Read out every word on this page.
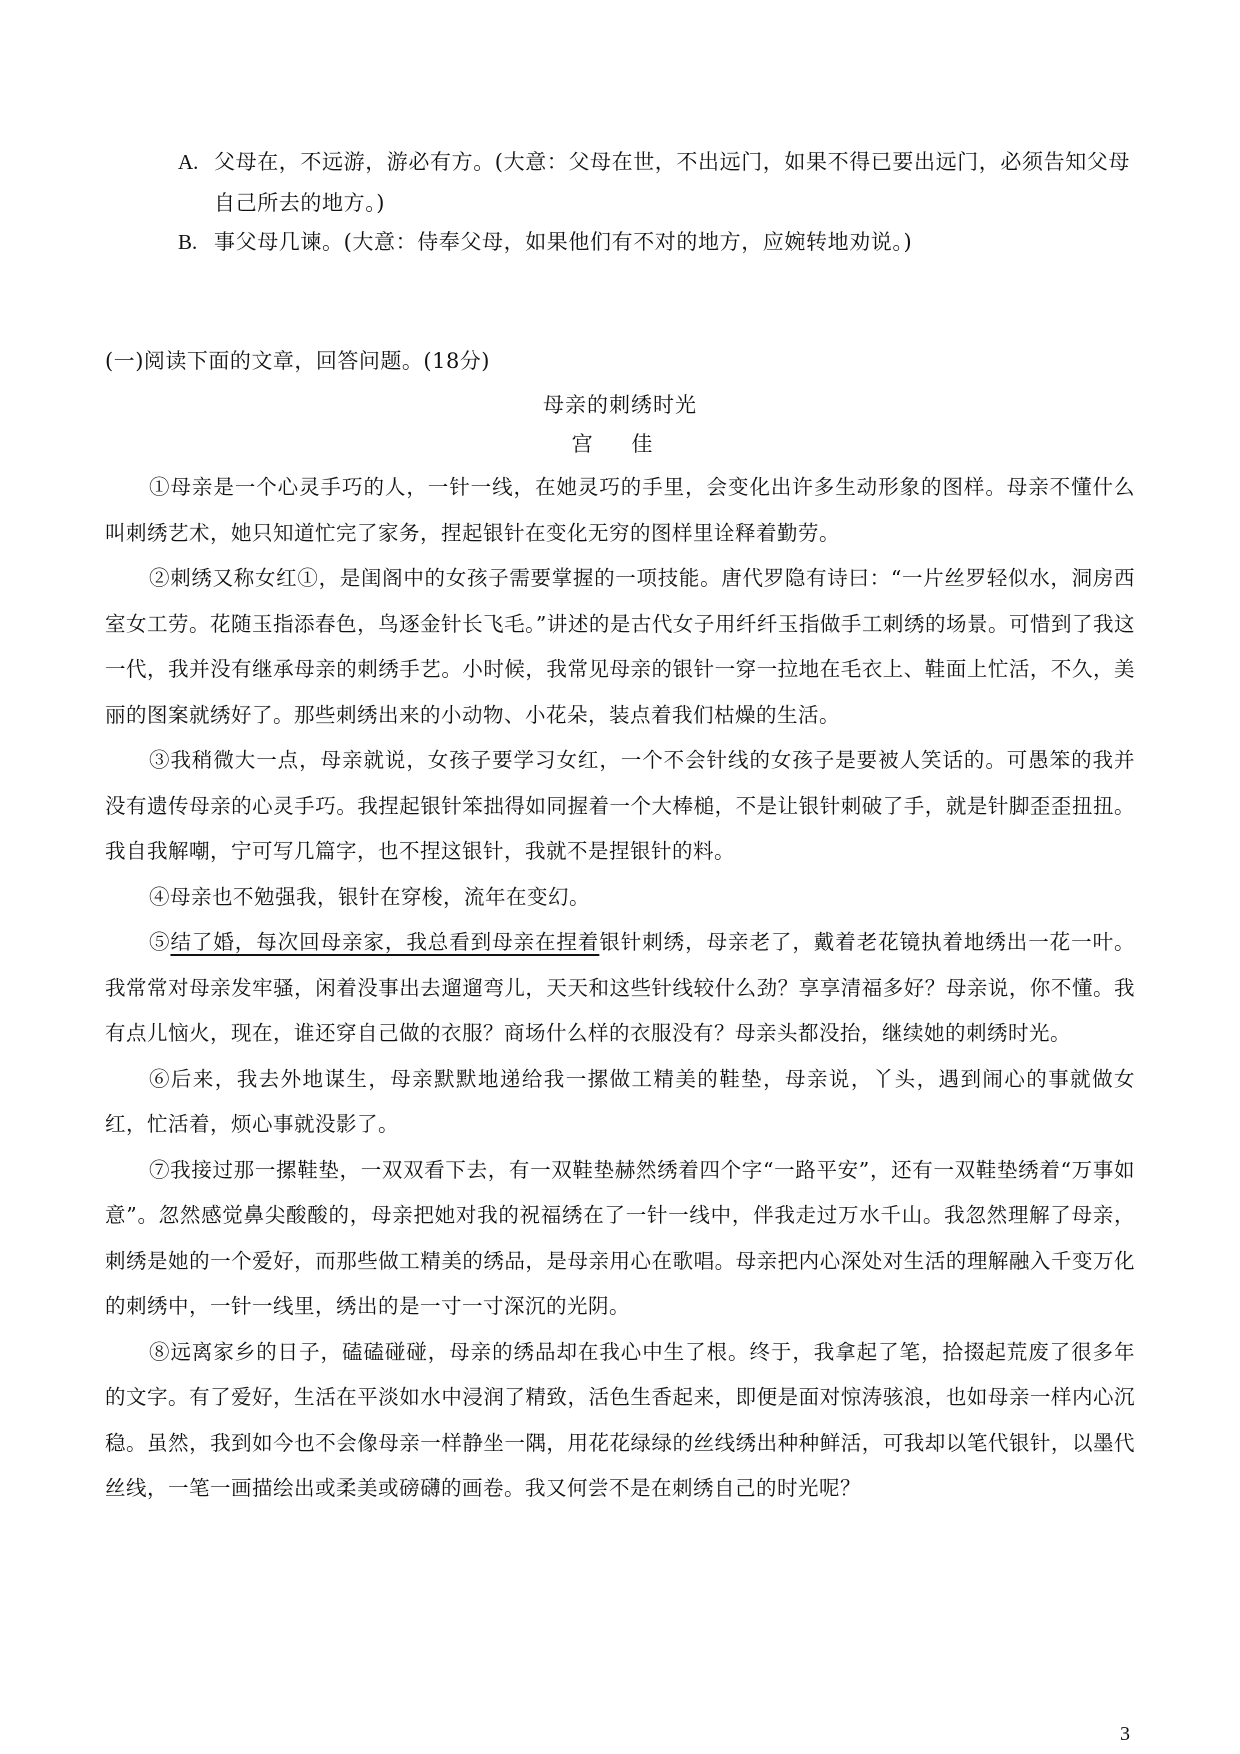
A. 父母在，不远游，游必有方。(大意：父母在世，不出远门，如果不得已要出远门，必须告知父母自己所去的地方。)
B. 事父母几谏。(大意：侍奉父母，如果他们有不对的地方，应婉转地劝说。)
(一)阅读下面的文章，回答问题。(18分)
母亲的刺绣时光
宫 佳

①母亲是一个心灵手巧的人，一针一线，在她灵巧的手里，会变化出许多生动形象的图样。母亲不懂什么叫刺绣艺术，她只知道忙完了家务，捏起银针在变化无穷的图样里诠释着勤劳。

②刺绣又称女红①，是闺阁中的女孩子需要掌握的一项技能。唐代罗隐有诗曰：“一片丝罗轻似水，洞房西室女工劳。花随玉指添春色，鸟逐金针长飞毛。”讲述的是古代女子用纤纤玉指做手工刺绣的场景。可惜到了我这一代，我并没有继承母亲的刺绣手艺。小时候，我常见母亲的银针一穿一拉地在毛衣上、鞋面上忙活，不久，美丽的图案就绣好了。那些刺绣出来的小动物、小花朵，装点着我们枯燥的生活。

③我稍微大一点，母亲就说，女孩子要学习女红，一个不会针线的女孩子是要被人笑话的。可愚笨的我并没有遗传母亲的心灵手巧。我捏起银针笨拙得如同握着一个大棒槌，不是让银针刺破了手，就是针脚歪歪扭扭。我自我解嘲，宁可写几篇字，也不捏这银针，我就不是捏银针的料。

④母亲也不勉强我，银针在穿梭，流年在变幻。

⑤结了婚，每次回母亲家，我总看到母亲在捏着银针刺绣，母亲老了，戴着老花镜执着地绣出一花一叶。我常常对母亲发牢骚，闲着没事出去遛遛弯儿，天天和这些针线较什么劲？享享清福多好？母亲说，你不懂。我有点儿恼火，现在，谁还穿自己做的衣服？商场什么样的衣服没有？母亲头都没抬，继续她的刺绣时光。

⑥后来，我去外地谋生，母亲默默地递给我一摞做工精美的鞋垫，母亲说，丫头，遇到闹心的事就做女红，忙活着，烦心事就没影了。

⑦我接过那一摞鞋垫，一双双看下去，有一双鞋垫赫然绣着四个字“一路平安”，还有一双鞋垫绣着“万事如意”。忽然感觉鼻尖酸酸的，母亲把她对我的祝福绣在了一针一线中，伴我走过万水千山。我忽然理解了母亲，刺绣是她的一个爱好，而那些做工精美的绣品，是母亲用心在歌唱。母亲把内心深处对生活的理解融入千变万化的刺绣中，一针一线里，绣出的是一寸一寸深沉的光阴。

⑧远离家乡的日子，磕磕碰碰，母亲的绣品却在我心中生了根。终于，我拿起了笔，拾掇起荒废了很多年的文字。有了爱好，生活在平淡如水中浸润了精致，活色生香起来，即便是面对惊涛骇浪，也如母亲一样内心沉稳。虽然，我到如今也不会像母亲一样静坐一隅，用花花绿绿的丝线绣出种种鲜活，可我却以笔代银针，以墨代丝线，一笔一画描绘出或柔美或磅礴的画卷。我又何尝不是在刺绣自己的时光呢？

3
